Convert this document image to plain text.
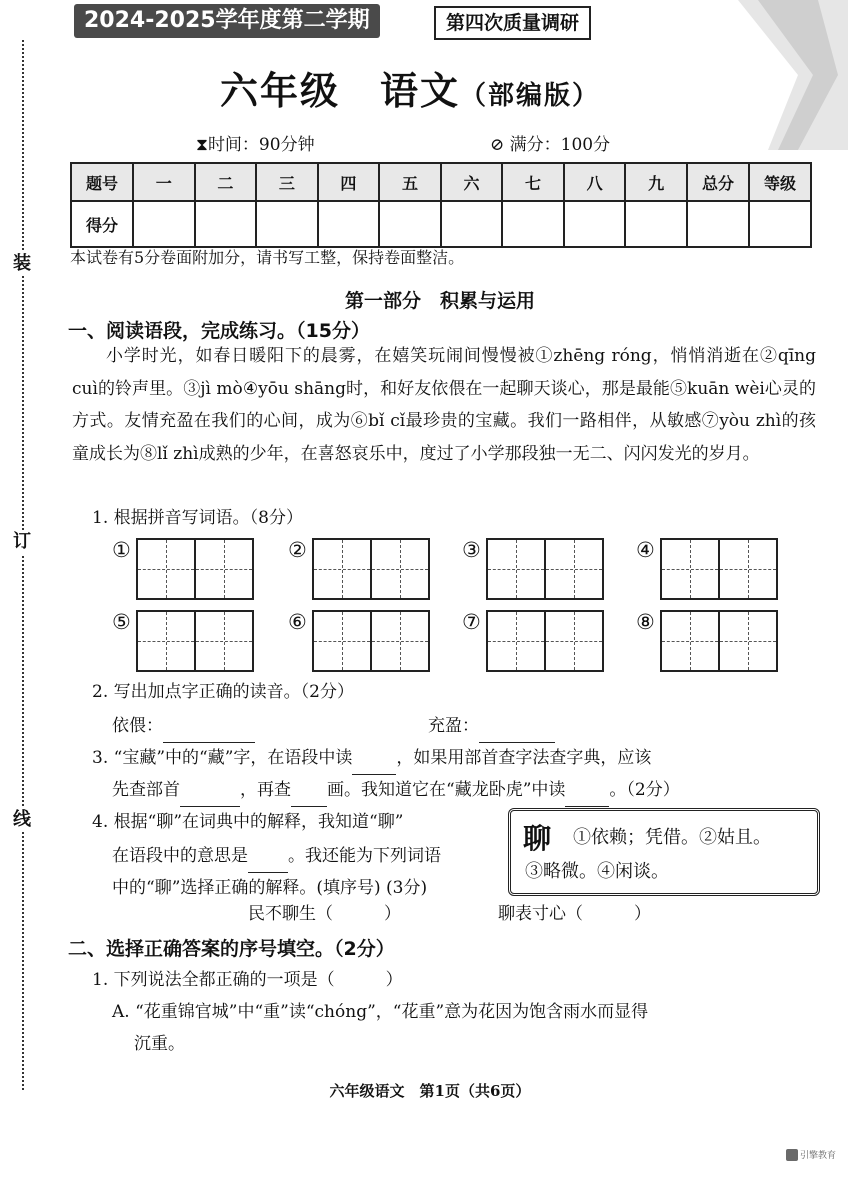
装
订
线
2024-2025学年度第二学期	第四次质量调研
六年级　语文（部编版）
⧗时间：90分钟	⊘ 满分：100分
题号	一	二	三	四	五	六	七	八	九	总分	等级
得分											
本试卷有5分卷面附加分，请书写工整，保持卷面整洁。
第一部分　积累与运用
一、阅读语段，完成练习。（15分）
小学时光，如春日暖阳下的晨雾，在嬉笑玩闹间慢慢被①zhēng róng，悄悄消逝在②qīng cuì的铃声里。③jì mò④yōu shāng时，和好友依偎在一起聊天谈心，那是最能⑤kuān wèi心灵的方式。友情充盈在我们的心间，成为⑥bǐ cǐ最珍贵的宝藏。我们一路相伴，从敏感⑦yòu zhì的孩童成长为⑧lǐ zhì成熟的少年，在喜怒哀乐中，度过了小学那段独一无二、闪闪发光的岁月。
1. 根据拼音写词语。（8分）
①	②	③	④
⑤	⑥	⑦	⑧
2. 写出加点字正确的读音。（2分）
依偎：	充盈：
3. “宝藏”中的“藏”字，在语段中读	，如果用部首查字法查字典，应该
先查部首	，再查 画。我知道它在“藏龙卧虎”中读	。（2分）
4. 根据“聊”在词典中的解释，我知道“聊”
在语段中的意思是 。我还能为下列词语
中的“聊”选择正确的解释。(填序号) (3分)
聊 ①依赖；凭借。②姑且。
③略微。④闲谈。
民不聊生（　　　）	聊表寸心（　　　）
二、选择正确答案的序号填空。（2分）
1. 下列说法全都正确的一项是（　　　）
A. “花重锦官城”中“重”读“chóng”，“花重”意为花因为饱含雨水而显得
沉重。
六年级语文　第1页（共6页）
引擎教育
